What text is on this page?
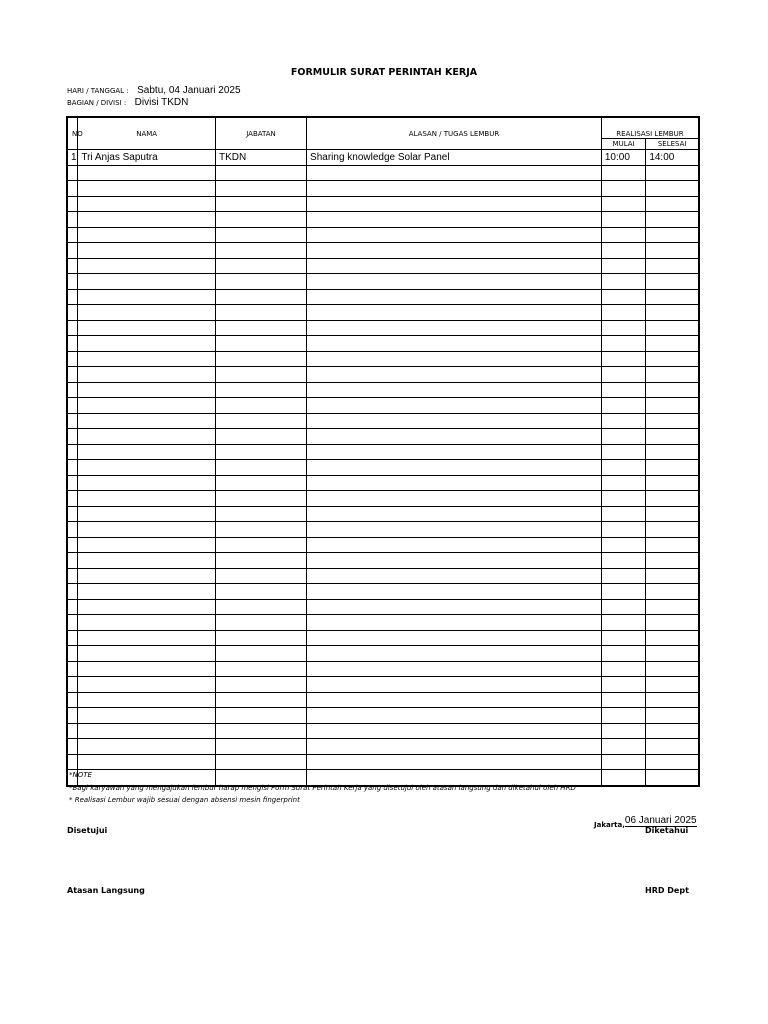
FORMULIR SURAT PERINTAH KERJA
HARI / TANGGAL : Sabtu, 04 Januari 2025
BAGIAN / DIVISI : Divisi TKDN
NO	NAMA	JABATAN	ALASAN / TUGAS LEMBUR	REALISASI LEMBUR	
				MULAI	SELESAI
1	Tri Anjas Saputra	TKDN	Sharing knowledge Solar Panel	10:00	14:00

*NOTE
*Bagi karyawan yang mengajukan lembur harap mengisi Form Surat Perintah Kerja yang disetujui oleh atasan langsung dan diketahui oleh HRD
* Realisasi Lembur wajib sesuai dengan absensi mesin fingerprint
Jakarta,$^{06 Januari 2025}$
Disetujui	Diketahui
Atasan Langsung	HRD Dept
